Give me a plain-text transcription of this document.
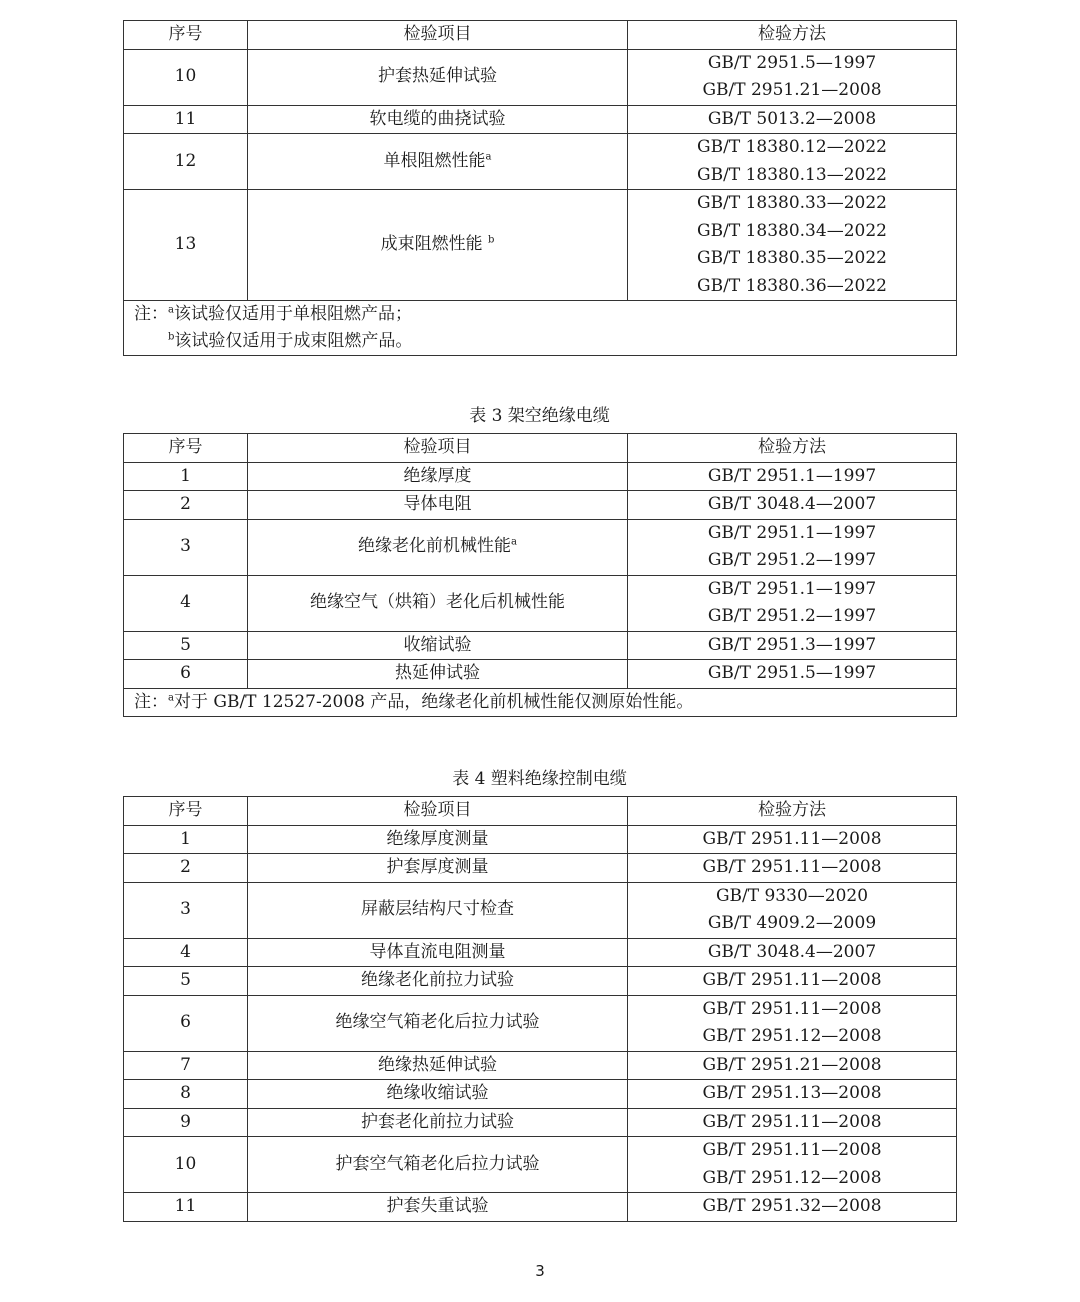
序号	检验项目	检验方法
10	护套热延伸试验	GB/T 2951.5—1997
GB/T 2951.21—2008

11	软电缆的曲挠试验	GB/T 5013.2—2008

12	单根阻燃性能$^a$	GB/T 18380.12—2022
GB/T 18380.13—2022

13	成束阻燃性能 $^b$	GB/T 18380.33—2022
GB/T 18380.34—2022
GB/T 18380.35—2022
GB/T 18380.36—2022

注：$^a$该试验仅适用于单根阻燃产品；
$^b$该试验仅适用于成束阻燃产品。		
表 3 架空绝缘电缆
序号	检验项目	检验方法
1	绝缘厚度	GB/T 2951.1—1997

2	导体电阻	GB/T 3048.4—2007

3	绝缘老化前机械性能$^a$	GB/T 2951.1—1997
GB/T 2951.2—1997

4	绝缘空气（烘箱）老化后机械性能	GB/T 2951.1—1997
GB/T 2951.2—1997

5	收缩试验	GB/T 2951.3—1997

6	热延伸试验	GB/T 2951.5—1997

注：$^a$对于 GB/T 12527-2008 产品，绝缘老化前机械性能仅测原始性能。		
表 4 塑料绝缘控制电缆
序号	检验项目	检验方法
1	绝缘厚度测量	GB/T 2951.11—2008

2	护套厚度测量	GB/T 2951.11—2008

3	屏蔽层结构尺寸检查	GB/T 9330—2020
GB/T 4909.2—2009

4	导体直流电阻测量	GB/T 3048.4—2007

5	绝缘老化前拉力试验	GB/T 2951.11—2008

6	绝缘空气箱老化后拉力试验	GB/T 2951.11—2008
GB/T 2951.12—2008

7	绝缘热延伸试验	GB/T 2951.21—2008

8	绝缘收缩试验	GB/T 2951.13—2008

9	护套老化前拉力试验	GB/T 2951.11—2008

10	护套空气箱老化后拉力试验	GB/T 2951.11—2008
GB/T 2951.12—2008

11	护套失重试验	GB/T 2951.32—2008
3
